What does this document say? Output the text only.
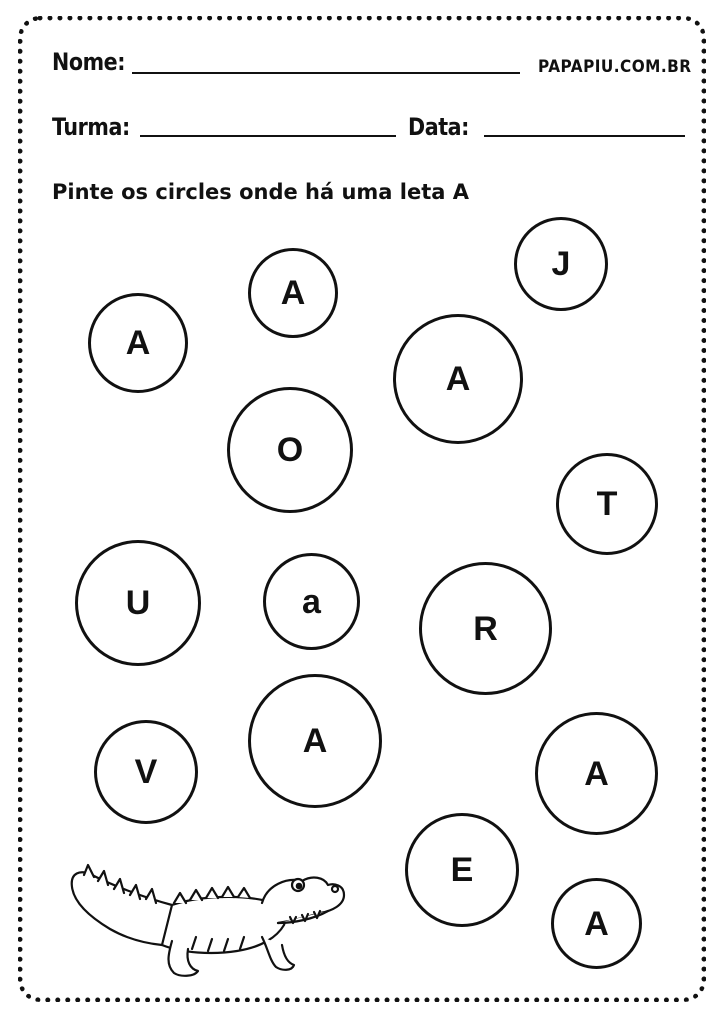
Nome:	PAPAPIU.COM.BR
Turma:	Data:
Pinte os circles onde há uma leta A
A
J
A
A
O
T
U	a
R
A
V	A
E
A
